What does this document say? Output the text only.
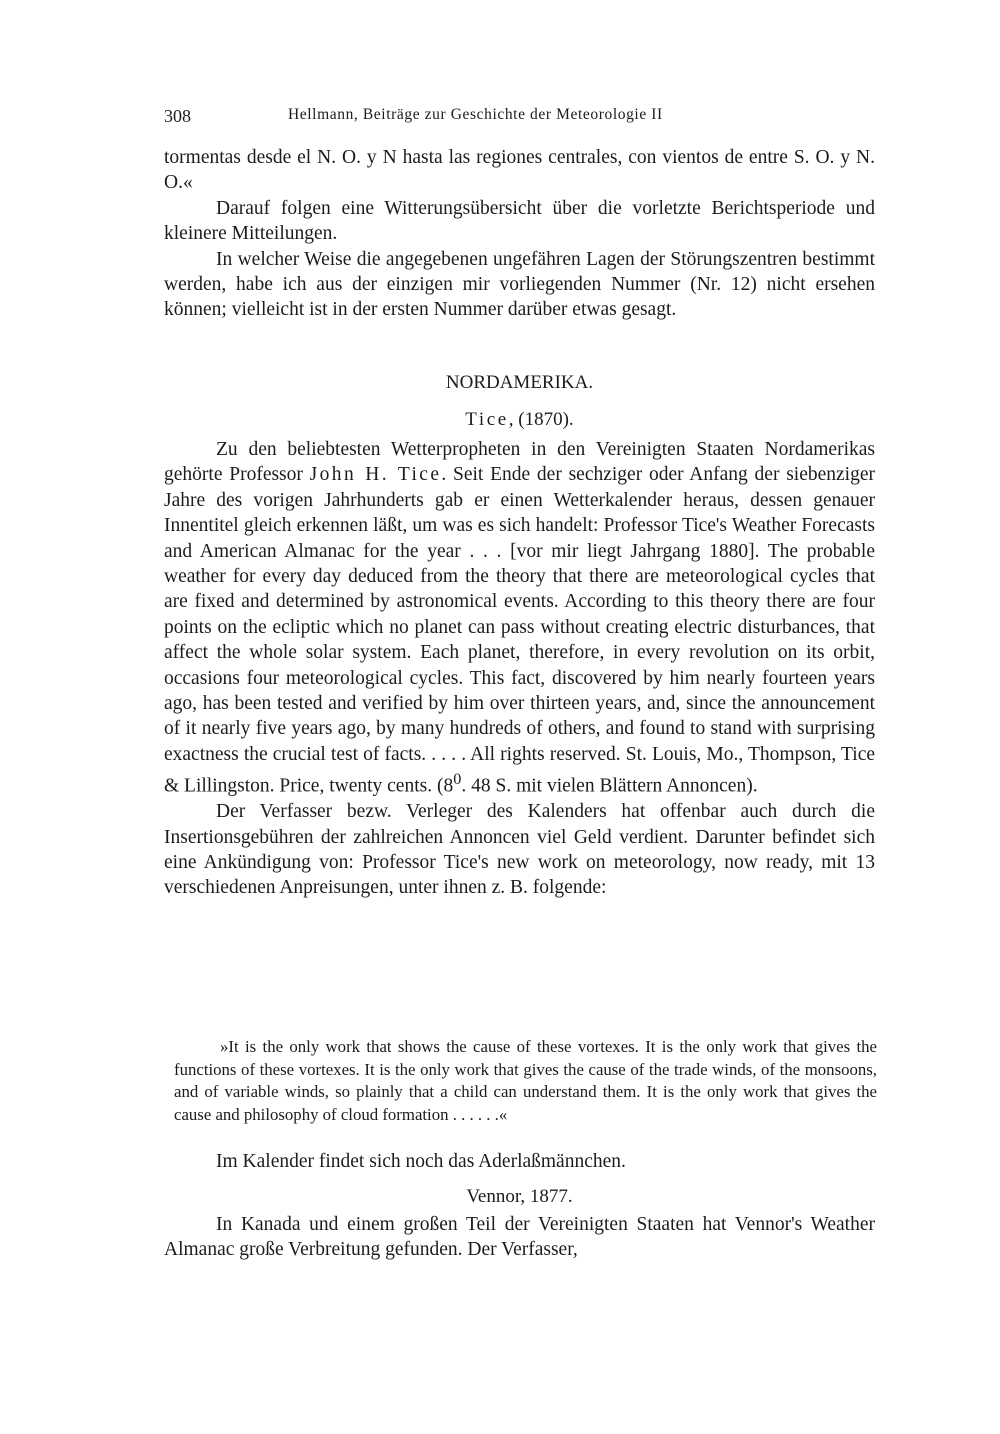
308	Hellmann, Beiträge zur Geschichte der Meteorologie II

tormentas desde el N. O. y N hasta las regiones centrales, con vientos de entre S. O. y N. O.«

Darauf folgen eine Witterungsübersicht über die vorletzte Berichtsperiode und kleinere Mitteilungen.

In welcher Weise die angegebenen ungefähren Lagen der Störungszentren bestimmt werden, habe ich aus der einzigen mir vorliegenden Nummer (Nr. 12) nicht ersehen können; vielleicht ist in der ersten Nummer darüber etwas gesagt.

NORDAMERIKA.
Tice, (1870).

Zu den beliebtesten Wetterpropheten in den Vereinigten Staaten Nordamerikas gehörte Professor John H. Tice. Seit Ende der sechziger oder Anfang der siebenziger Jahre des vorigen Jahrhunderts gab er einen Wetterkalender heraus, dessen genauer Innentitel gleich erkennen läßt, um was es sich handelt: Professor Tice's Weather Forecasts and American Almanac for the year . . . [vor mir liegt Jahrgang 1880]. The probable weather for every day deduced from the theory that there are meteorological cycles that are fixed and determined by astronomical events. According to this theory there are four points on the ecliptic which no planet can pass without creating electric disturbances, that affect the whole solar system. Each planet, therefore, in every revolution on its orbit, occasions four meteorological cycles. This fact, discovered by him nearly fourteen years ago, has been tested and verified by him over thirteen years, and, since the announcement of it nearly five years ago, by many hundreds of others, and found to stand with surprising exactness the crucial test of facts. . . . . All rights reserved. St. Louis, Mo., Thompson, Tice & Lillingston. Price, twenty cents. ($8^0$. 48 S. mit vielen Blättern Annoncen).

Der Verfasser bezw. Verleger des Kalenders hat offenbar auch durch die Insertionsgebühren der zahlreichen Annoncen viel Geld verdient. Darunter befindet sich eine Ankündigung von: Professor Tice's new work on meteorology, now ready, mit 13 verschiedenen Anpreisungen, unter ihnen z. B. folgende:

»It is the only work that shows the cause of these vortexes. It is the only work that gives the functions of these vortexes. It is the only work that gives the cause of the trade winds, of the monsoons, and of variable winds, so plainly that a child can understand them. It is the only work that gives the cause and philosophy of cloud formation . . . . . .«

Im Kalender findet sich noch das Aderlaßmännchen.

Vennor, 1877.

In Kanada und einem großen Teil der Vereinigten Staaten hat Vennor's Weather Almanac große Verbreitung gefunden. Der Verfasser,
